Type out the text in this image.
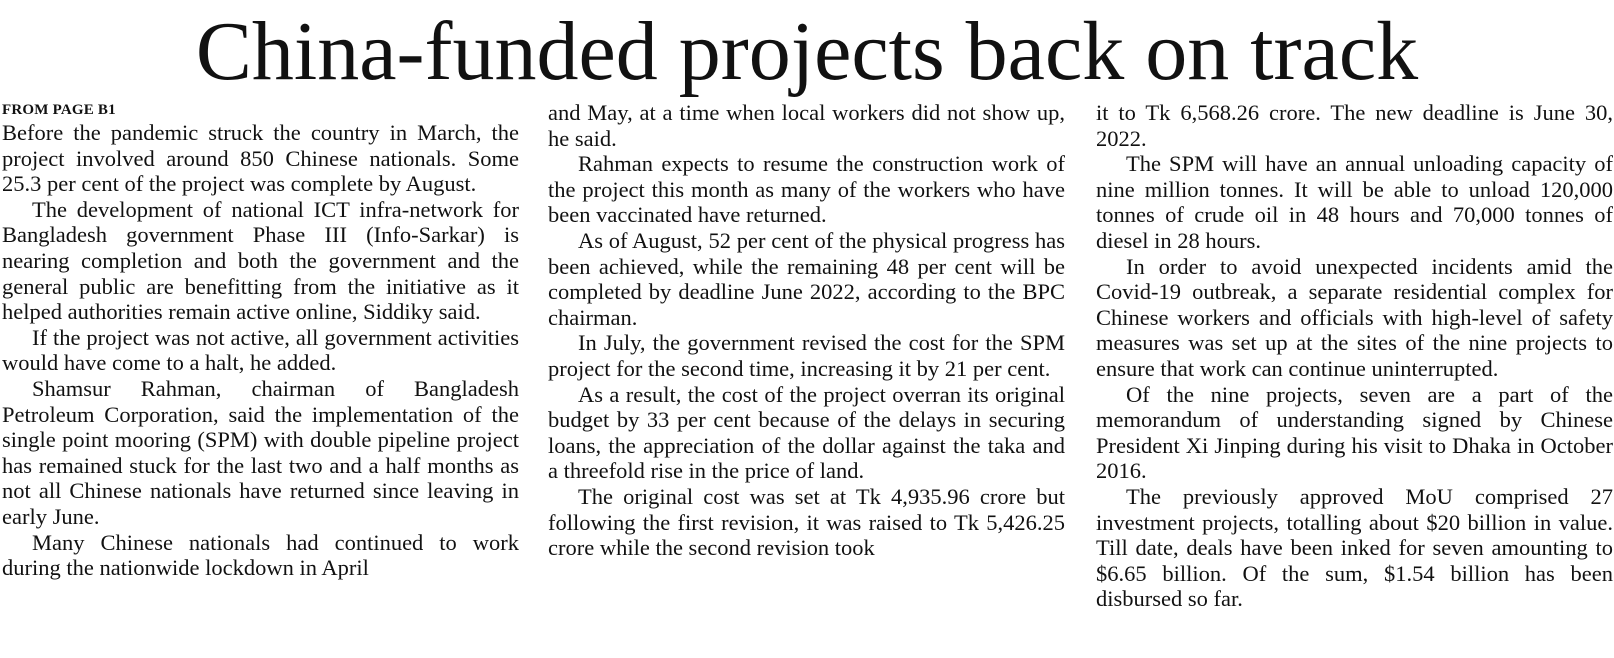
China-funded projects back on track
FROM PAGE B1

Before the pandemic struck the country in March, the project involved around 850 Chinese nationals. Some 25.3 per cent of the project was complete by August.

The development of national ICT infra-network for Bangladesh government Phase III (Info-Sarkar) is nearing completion and both the government and the general public are benefitting from the initiative as it helped authorities remain active online, Siddiky said.

If the project was not active, all government activities would have come to a halt, he added.

Shamsur Rahman, chairman of Bangladesh Petroleum Corporation, said the implementation of the single point mooring (SPM) with double pipeline project has remained stuck for the last two and a half months as not all Chinese nationals have returned since leaving in early June.

Many Chinese nationals had continued to work during the nationwide lockdown in April

and May, at a time when local workers did not show up, he said.

Rahman expects to resume the construction work of the project this month as many of the workers who have been vaccinated have returned.

As of August, 52 per cent of the physical progress has been achieved, while the remaining 48 per cent will be completed by deadline June 2022, according to the BPC chairman.

In July, the government revised the cost for the SPM project for the second time, increasing it by 21 per cent.

As a result, the cost of the project overran its original budget by 33 per cent because of the delays in securing loans, the appreciation of the dollar against the taka and a threefold rise in the price of land.

The original cost was set at Tk 4,935.96 crore but following the first revision, it was raised to Tk 5,426.25 crore while the second revision took

it to Tk 6,568.26 crore. The new deadline is June 30, 2022.

The SPM will have an annual unloading capacity of nine million tonnes. It will be able to unload 120,000 tonnes of crude oil in 48 hours and 70,000 tonnes of diesel in 28 hours.

In order to avoid unexpected incidents amid the Covid-19 outbreak, a separate residential complex for Chinese workers and officials with high-level of safety measures was set up at the sites of the nine projects to ensure that work can continue uninterrupted.

Of the nine projects, seven are a part of the memorandum of understanding signed by Chinese President Xi Jinping during his visit to Dhaka in October 2016.

The previously approved MoU comprised 27 investment projects, totalling about $20 billion in value. Till date, deals have been inked for seven amounting to $6.65 billion. Of the sum, $1.54 billion has been disbursed so far.
